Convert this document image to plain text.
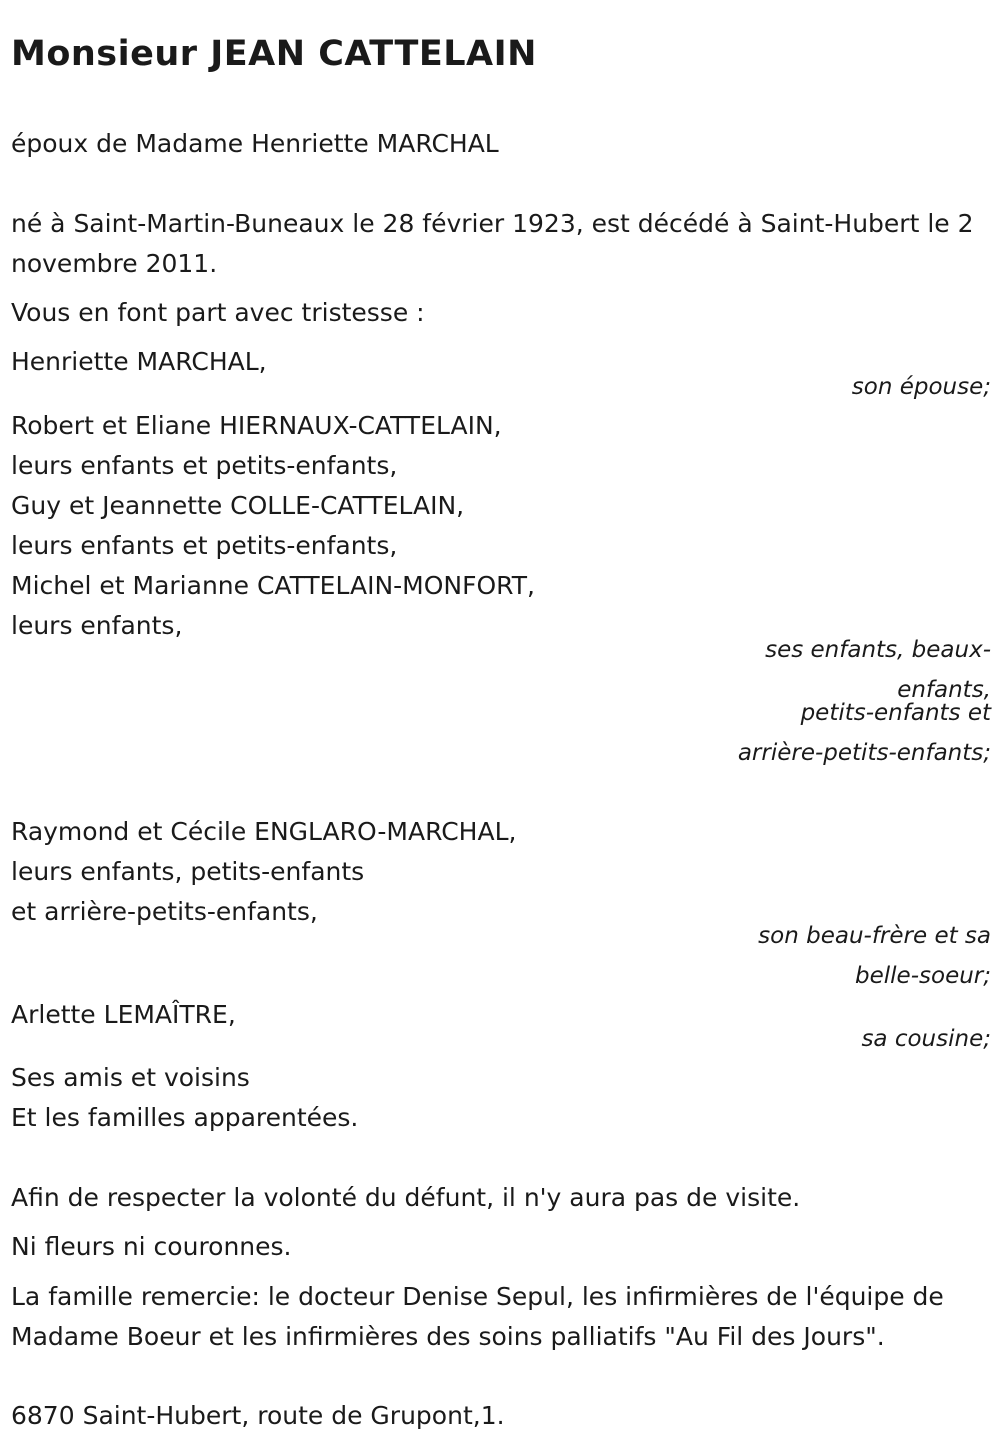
Monsieur JEAN CATTELAIN
époux de Madame Henriette MARCHAL
né à Saint-Martin-Buneaux le 28 février 1923, est décédé à Saint-Hubert le 2 novembre 2011.
Vous en font part avec tristesse :
Henriette MARCHAL,
son épouse;
Robert et Eliane HIERNAUX-CATTELAIN,
leurs enfants et petits-enfants,
Guy et Jeannette COLLE-CATTELAIN,
leurs enfants et petits-enfants,
Michel et Marianne CATTELAIN-MONFORT,
leurs enfants,
ses enfants, beaux-enfants,
petits-enfants et arrière-petits-enfants;
Raymond et Cécile ENGLARO-MARCHAL,
leurs enfants, petits-enfants
et arrière-petits-enfants,
son beau-frère et sa belle-soeur;
Arlette LEMAÎTRE,
sa cousine;
Ses amis et voisins
Et les familles apparentées.
Afin de respecter la volonté du défunt, il n'y aura pas de visite.
Ni fleurs ni couronnes.
La famille remercie: le docteur Denise Sepul, les infirmières de l'équipe de Madame Boeur et les infirmières des soins palliatifs "Au Fil des Jours".
6870 Saint-Hubert, route de Grupont,1.
